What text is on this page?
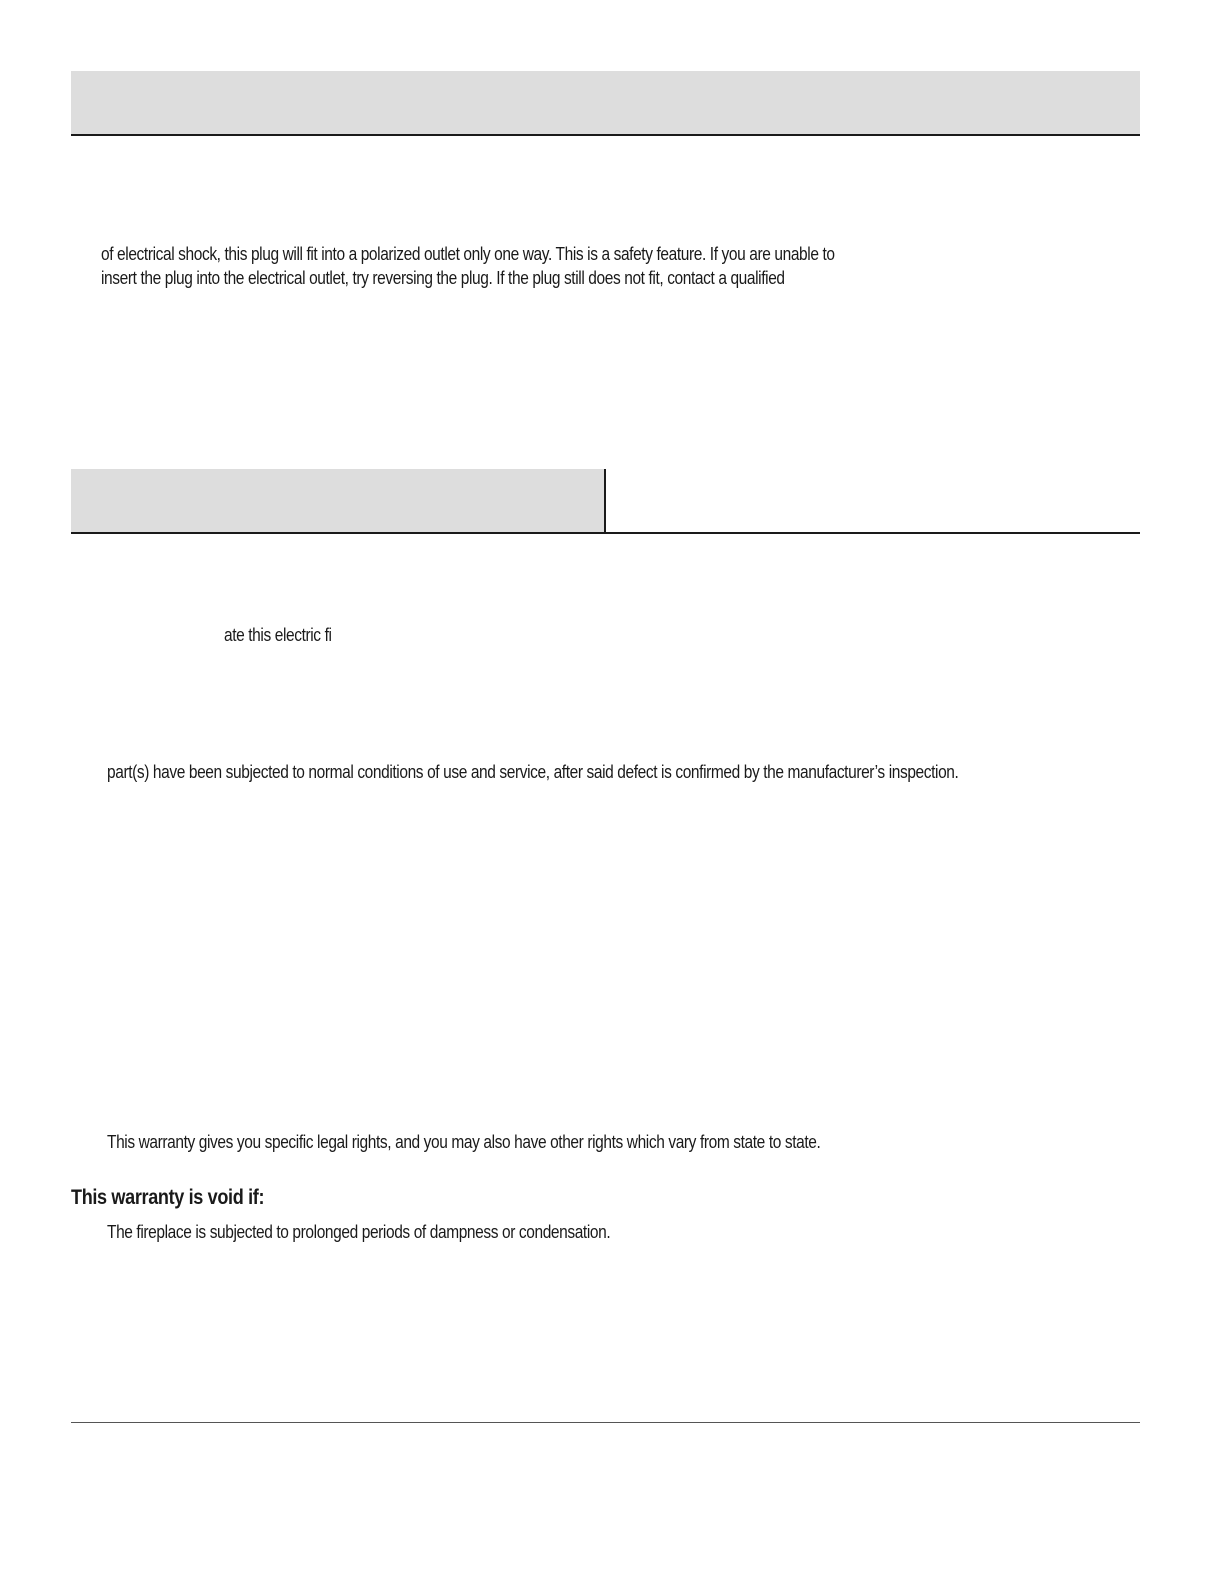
of electrical shock, this plug will fit into a polarized outlet only one way. This is a safety feature. If you are unable to
insert the plug into the electrical outlet, try reversing the plug. If the plug still does not fit, contact a qualified
ate this electric fi
part(s) have been subjected to normal conditions of use and service, after said defect is confirmed by the manufacturer’s inspection.
This warranty gives you specific legal rights, and you may also have other rights which vary from state to state.
This warranty is void if:
The fireplace is subjected to prolonged periods of dampness or condensation.
